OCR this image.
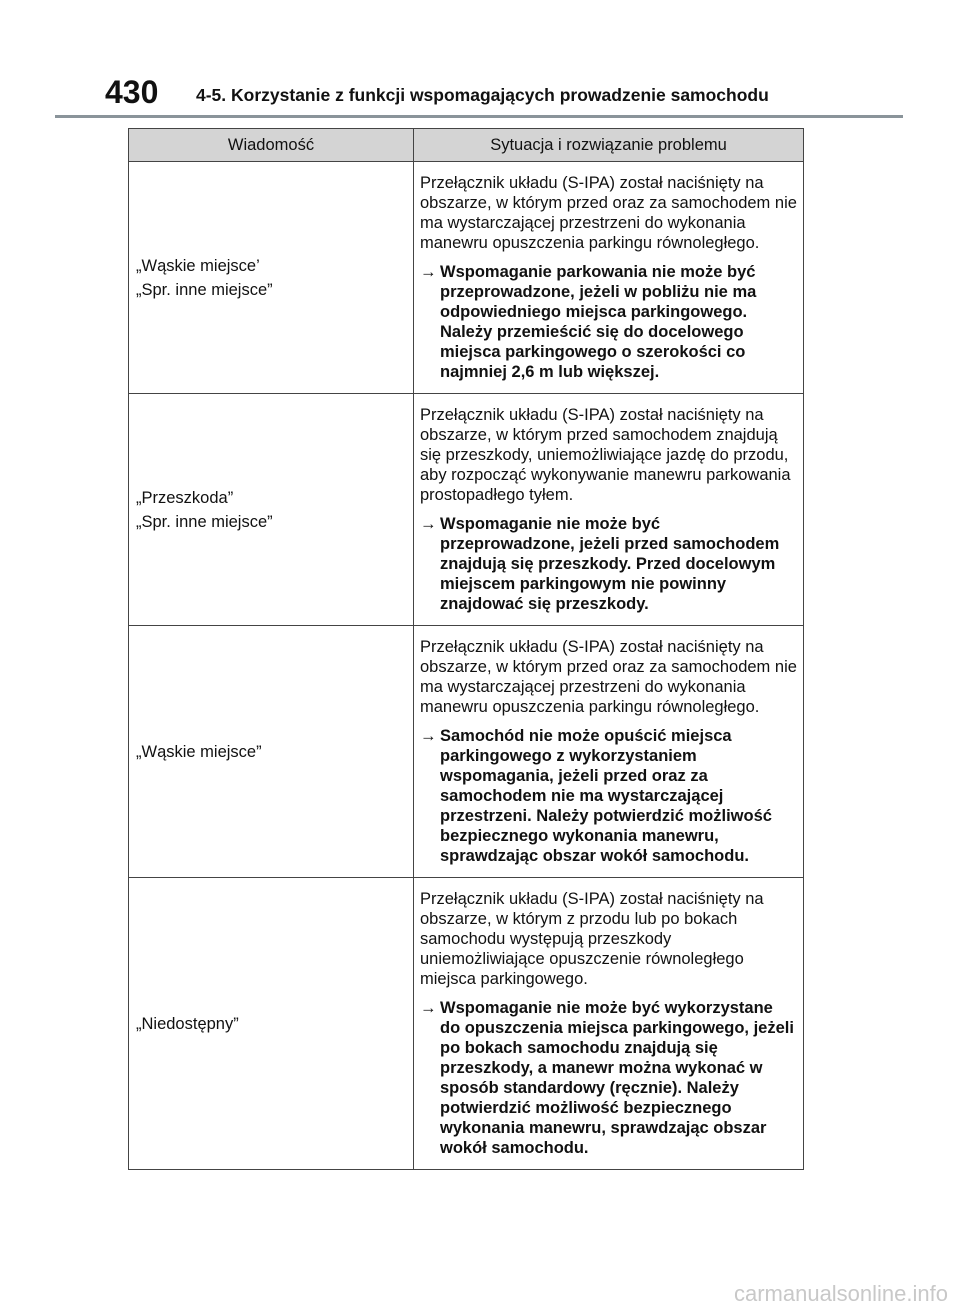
430 4-5. Korzystanie z funkcji wspomagających prowadzenie samochodu
Wiadomość	Sytuacja i rozwiązanie problemu

„Wąskie miejsce’
„Spr. inne miejsce”	Przełącznik układu (S-IPA) został naciśnięty na obszarze, w którym przed oraz za samochodem nie ma wystarczającej przestrzeni do wykonania manewru opuszczenia parkingu równoległego.
→ Wspomaganie parkowania nie może być przeprowadzone, jeżeli w pobliżu nie ma odpowiedniego miejsca parkingowego. Należy przemieścić się do docelowego miejsca parkingowego o szerokości co najmniej 2,6 m lub większej.

„Przeszkoda”
„Spr. inne miejsce”	Przełącznik układu (S-IPA) został naciśnięty na obszarze, w którym przed samochodem znajdują się przeszkody, uniemożliwiające jazdę do przodu, aby rozpocząć wykonywanie manewru parkowania prostopadłego tyłem.
→ Wspomaganie nie może być przeprowadzone, jeżeli przed samochodem znajdują się przeszkody. Przed docelowym miejscem parkingowym nie powinny znajdować się przeszkody.

„Wąskie miejsce”	Przełącznik układu (S-IPA) został naciśnięty na obszarze, w którym przed oraz za samochodem nie ma wystarczającej przestrzeni do wykonania manewru opuszczenia parkingu równoległego.
→ Samochód nie może opuścić miejsca parkingowego z wykorzystaniem wspomagania, jeżeli przed oraz za samochodem nie ma wystarczającej przestrzeni. Należy potwierdzić możliwość bezpiecznego wykonania manewru, sprawdzając obszar wokół samochodu.

„Niedostępny”	Przełącznik układu (S-IPA) został naciśnięty na obszarze, w którym z przodu lub po bokach samochodu występują przeszkody uniemożliwiające opuszczenie równoległego miejsca parkingowego.
→ Wspomaganie nie może być wykorzystane do opuszczenia miejsca parkingowego, jeżeli po bokach samochodu znajdują się przeszkody, a manewr można wykonać w sposób standardowy (ręcznie). Należy potwierdzić możliwość bezpiecznego wykonania manewru, sprawdzając obszar wokół samochodu.
carmanualsonline.info
